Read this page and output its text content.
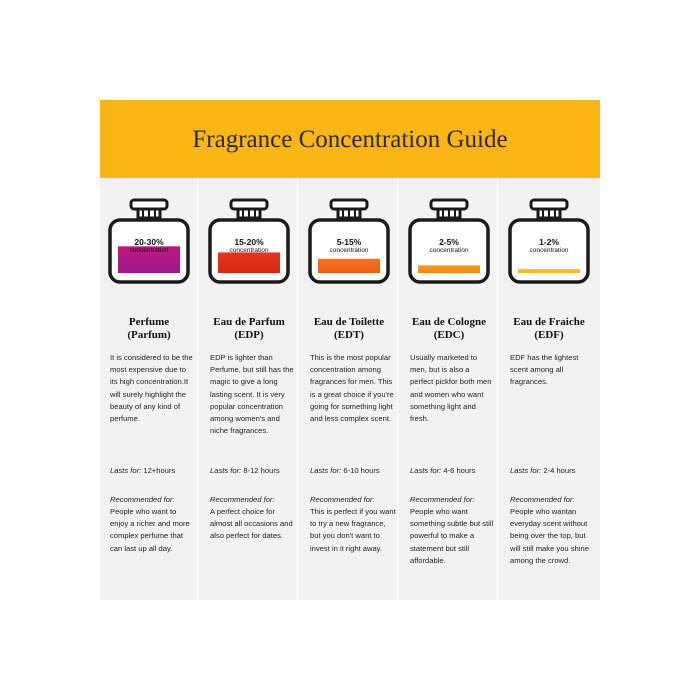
Fragrance Concentration Guide
20-30%
concentration
Perfume
(Parfum)
It is considered to be the most expensive due to its high concentration.It will surely highlight the beauty of any kind of perfume.
Lasts for: 12+hours
Recommended for:
People who want to enjoy a richer and more complex perfume that can last up all day.
15-20%
concentration
Eau de Parfum
(EDP)
EDP is lighter than Perfume, but still has the magic to give a long lasting scent. It is very popular concentration among women's and niche fragrances.
Lasts for: 8-12 hours
Recommended for:
A perfect choice for almost all occasions and also perfect for dates.
5-15%
concentration
Eau de Toilette
(EDT)
This is the most popular concentration among fragrances for men. This is a great choice if you're going for something light and less complex scent.
Lasts for: 6-10 hours
Recommended for:
This is perfect if you want to try a new fragrance, but you don't want to invest in it right away.
2-5%
concentration
Eau de Cologne
(EDC)
Usually marketed to men, but is also a perfect pickfor both men and women who want something light and fresh.
Lasts for: 4-6 hours
Recommended for:
People who want something subtle but still powerful to make a statement but still affordable.
1-2%
concentration
Eau de Fraiche
(EDF)
EDF has the lightest scent among all fragrances.
Lasts for: 2-4 hours
Recommended for:
People who wantan everyday scent without being over the top, but will still make you shine among the crowd.
